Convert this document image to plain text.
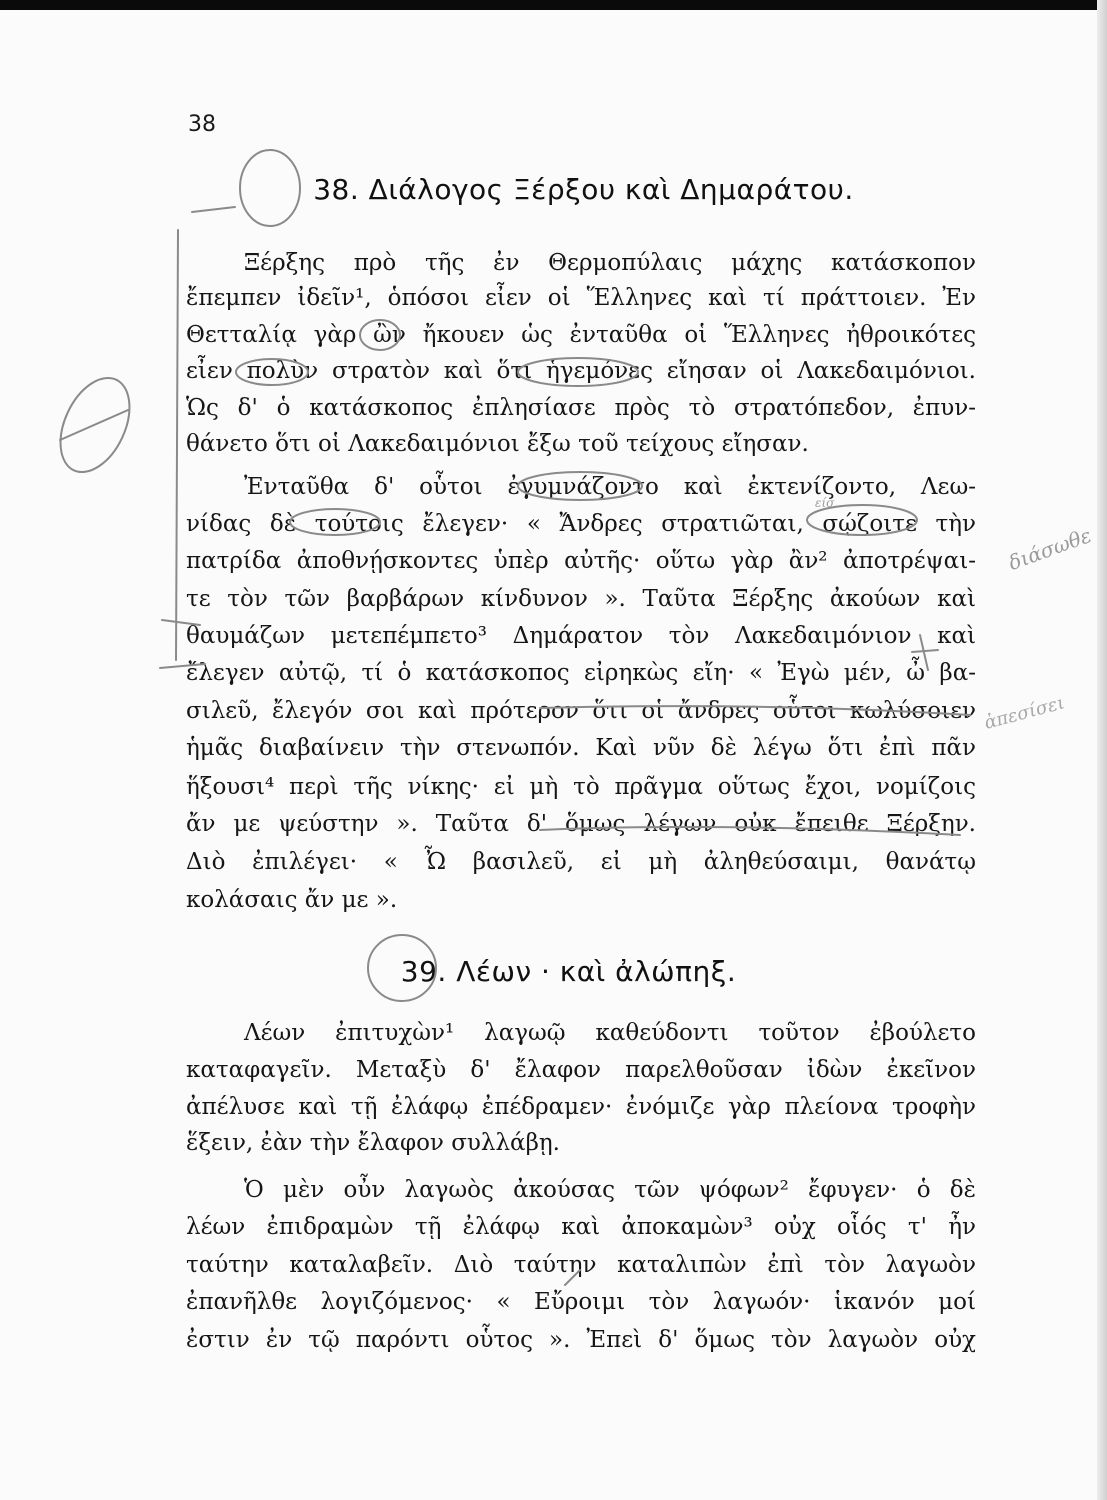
38
38. Διάλογος Ξέρξου καὶ Δημαράτου.
Ξέρξης πρὸ τῆς ἐν Θερμοπύλαις μάχης κατάσκοπον
ἔπεμπεν ἰδεῖν¹, ὁπόσοι εἶεν οἱ Ἕλληνες καὶ τί πράττοιεν. Ἐν
Θετταλίᾳ γὰρ ὢν ἤκουεν ὡς ἐνταῦθα οἱ Ἕλληνες ἠθροικότες
εἶεν πολὺν στρατὸν καὶ ὅτι ἡγεμόνες εἴησαν οἱ Λακεδαιμόνιοι.
Ὡς δ' ὁ κατάσκοπος ἐπλησίασε πρὸς τὸ στρατόπεδον, ἐπυν-
θάνετο ὅτι οἱ Λακεδαιμόνιοι ἔξω τοῦ τείχους εἴησαν.
Ἐνταῦθα δ' οὗτοι ἐγυμνάζοντο καὶ ἐκτενίζοντο, Λεω-
νίδας δὲ τούτοις ἔλεγεν· « Ἄνδρες στρατιῶται, σῴζοιτε τὴν
πατρίδα ἀποθνῄσκοντες ὑπὲρ αὐτῆς· οὕτω γὰρ ἂν² ἀποτρέψαι-
τε τὸν τῶν βαρβάρων κίνδυνον ». Ταῦτα Ξέρξης ἀκούων καὶ
θαυμάζων μετεπέμπετο³ Δημάρατον τὸν Λακεδαιμόνιον καὶ
ἔλεγεν αὐτῷ, τί ὁ κατάσκοπος εἰρηκὼς εἴη· « Ἐγὼ μέν, ὦ βα-
σιλεῦ, ἔλεγόν σοι καὶ πρότερον ὅτι οἱ ἄνδρες οὗτοι κωλύσοιεν
ἡμᾶς διαβαίνειν τὴν στενωπόν. Καὶ νῦν δὲ λέγω ὅτι ἐπὶ πᾶν
ἥξουσι⁴ περὶ τῆς νίκης· εἰ μὴ τὸ πρᾶγμα οὕτως ἔχοι, νομίζοις
ἄν με ψεύστην ». Ταῦτα δ' ὅμως λέγων οὐκ ἔπειθε Ξέρξην.
Διὸ ἐπιλέγει· « Ὦ βασιλεῦ, εἰ μὴ ἀληθεύσαιμι, θανάτῳ
κολάσαις ἄν με ».
39. Λέων · καὶ ἀλώπηξ.
Λέων ἐπιτυχὼν¹ λαγωῷ καθεύδοντι τοῦτον ἐβούλετο
καταφαγεῖν. Μεταξὺ δ' ἔλαφον παρελθοῦσαν ἰδὼν ἐκεῖνον
ἀπέλυσε καὶ τῇ ἐλάφῳ ἐπέδραμεν· ἐνόμιζε γὰρ πλείονα τροφὴν
ἕξειν, ἐὰν τὴν ἔλαφον συλλάβῃ.
Ὁ μὲν οὖν λαγωὸς ἀκούσας τῶν ψόφων² ἔφυγεν· ὁ δὲ
λέων ἐπιδραμὼν τῇ ἐλάφῳ καὶ ἀποκαμὼν³ οὐχ οἷός τ' ἦν
ταύτην καταλαβεῖν. Διὸ ταύτην καταλιπὼν ἐπὶ τὸν λαγωὸν
ἐπανῆλθε λογιζόμενος· « Εὔροιμι τὸν λαγωόν· ἱκανόν μοί
ἐστιν ἐν τῷ παρόντι οὗτος ». Ἐπεὶ δ' ὅμως τὸν λαγωὸν οὐχ
διάσωθε
ἀπεσίσει
είσ
θ
